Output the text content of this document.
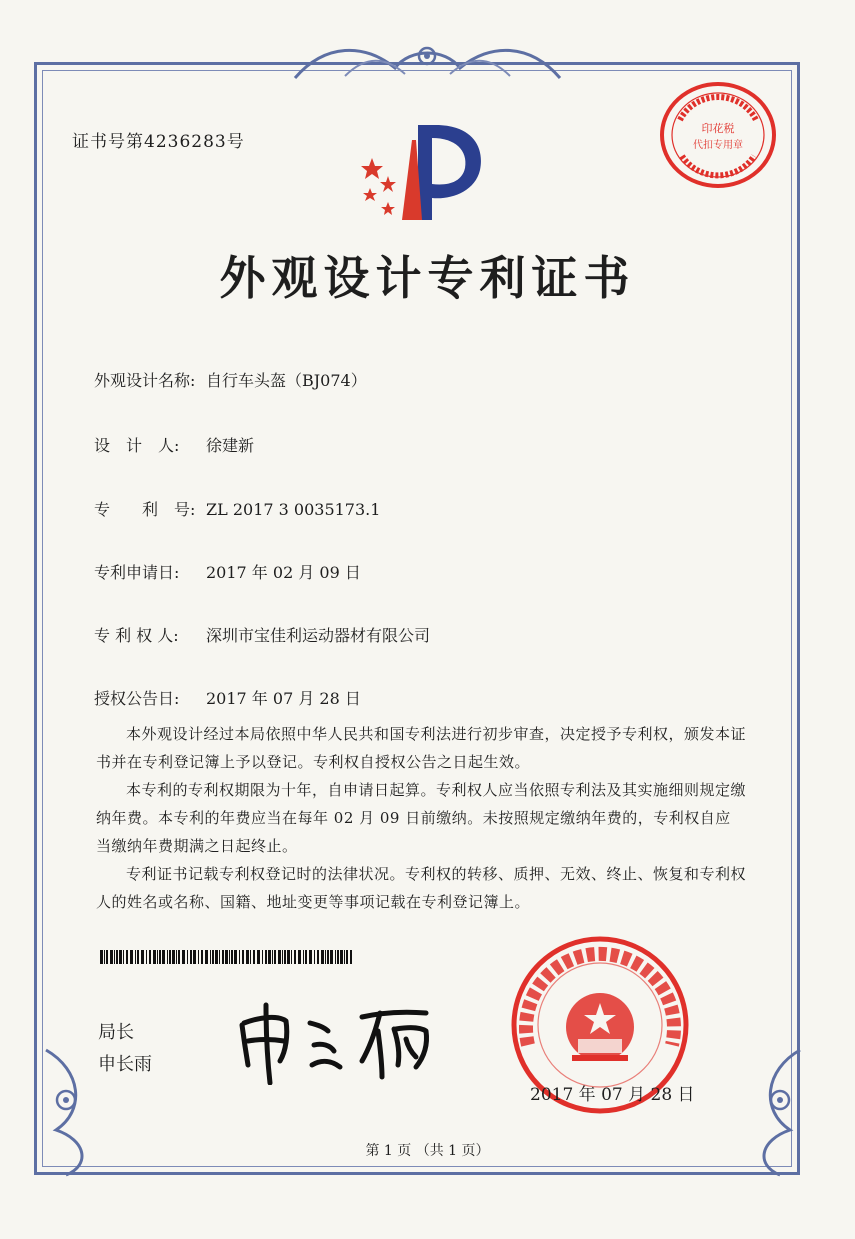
证书号第4236283号
外观设计专利证书
外观设计名称: 自行车头盔（BJ074）
设　计　人: 徐建新
专　　利　号: ZL 2017 3 0035173.1
专利申请日: 2017 年 02 月 09 日
专 利 权 人: 深圳市宝佳利运动器材有限公司
授权公告日: 2017 年 07 月 28 日

本外观设计经过本局依照中华人民共和国专利法进行初步审查，决定授予专利权，颁发本证书并在专利登记簿上予以登记。专利权自授权公告之日起生效。

本专利的专利权期限为十年，自申请日起算。专利权人应当依照专利法及其实施细则规定缴纳年费。本专利的年费应当在每年 02 月 09 日前缴纳。未按照规定缴纳年费的，专利权自应当缴纳年费期满之日起终止。

专利证书记载专利权登记时的法律状况。专利权的转移、质押、无效、终止、恢复和专利权人的姓名或名称、国籍、地址变更等事项记载在专利登记簿上。

局长
申长雨
印花税
代扣专用章
2017 年 07 月 28 日
第 1 页 （共 1 页）
